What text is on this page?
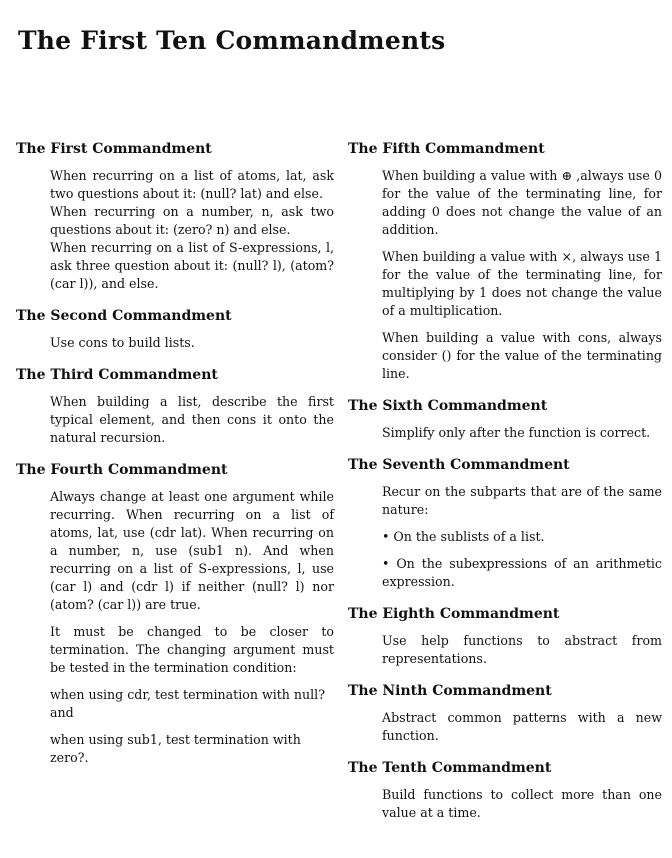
The First Ten Commandments
The First Commandment

When recurring on a list of atoms, lat, ask two questions about it: (null? lat) and else.

When recurring on a number, n, ask two questions about it: (zero? n) and else.

When recurring on a list of S-expressions, l, ask three question about it: (null? l), (atom? (car l)), and else.

The Second Commandment

Use cons to build lists.

The Third Commandment

When building a list, describe the first typical element, and then cons it onto the natural recursion.

The Fourth Commandment

Always change at least one argument while recurring. When recurring on a list of atoms, lat, use (cdr lat). When recurring on a number, n, use (sub1 n). And when recurring on a list of S-expressions, l, use (car l) and (cdr l) if neither (null? l) nor (atom? (car l)) are true.

It must be changed to be closer to termination. The changing argument must be tested in the termination condition:

when using cdr, test termination with null? and

when using sub1, test termination with zero?.

The Fifth Commandment

When building a value with ⊕ ,always use 0 for the value of the terminating line, for adding 0 does not change the value of an addition.

When building a value with ×, always use 1 for the value of the terminating line, for multiplying by 1 does not change the value of a multiplication.

When building a value with cons, always consider () for the value of the terminating line.

The Sixth Commandment

Simplify only after the function is correct.

The Seventh Commandment

Recur on the subparts that are of the same nature:

• On the sublists of a list.

• On the subexpressions of an arithmetic expression.

The Eighth Commandment

Use help functions to abstract from representations.

The Ninth Commandment

Abstract common patterns with a new function.

The Tenth Commandment

Build functions to collect more than one value at a time.
